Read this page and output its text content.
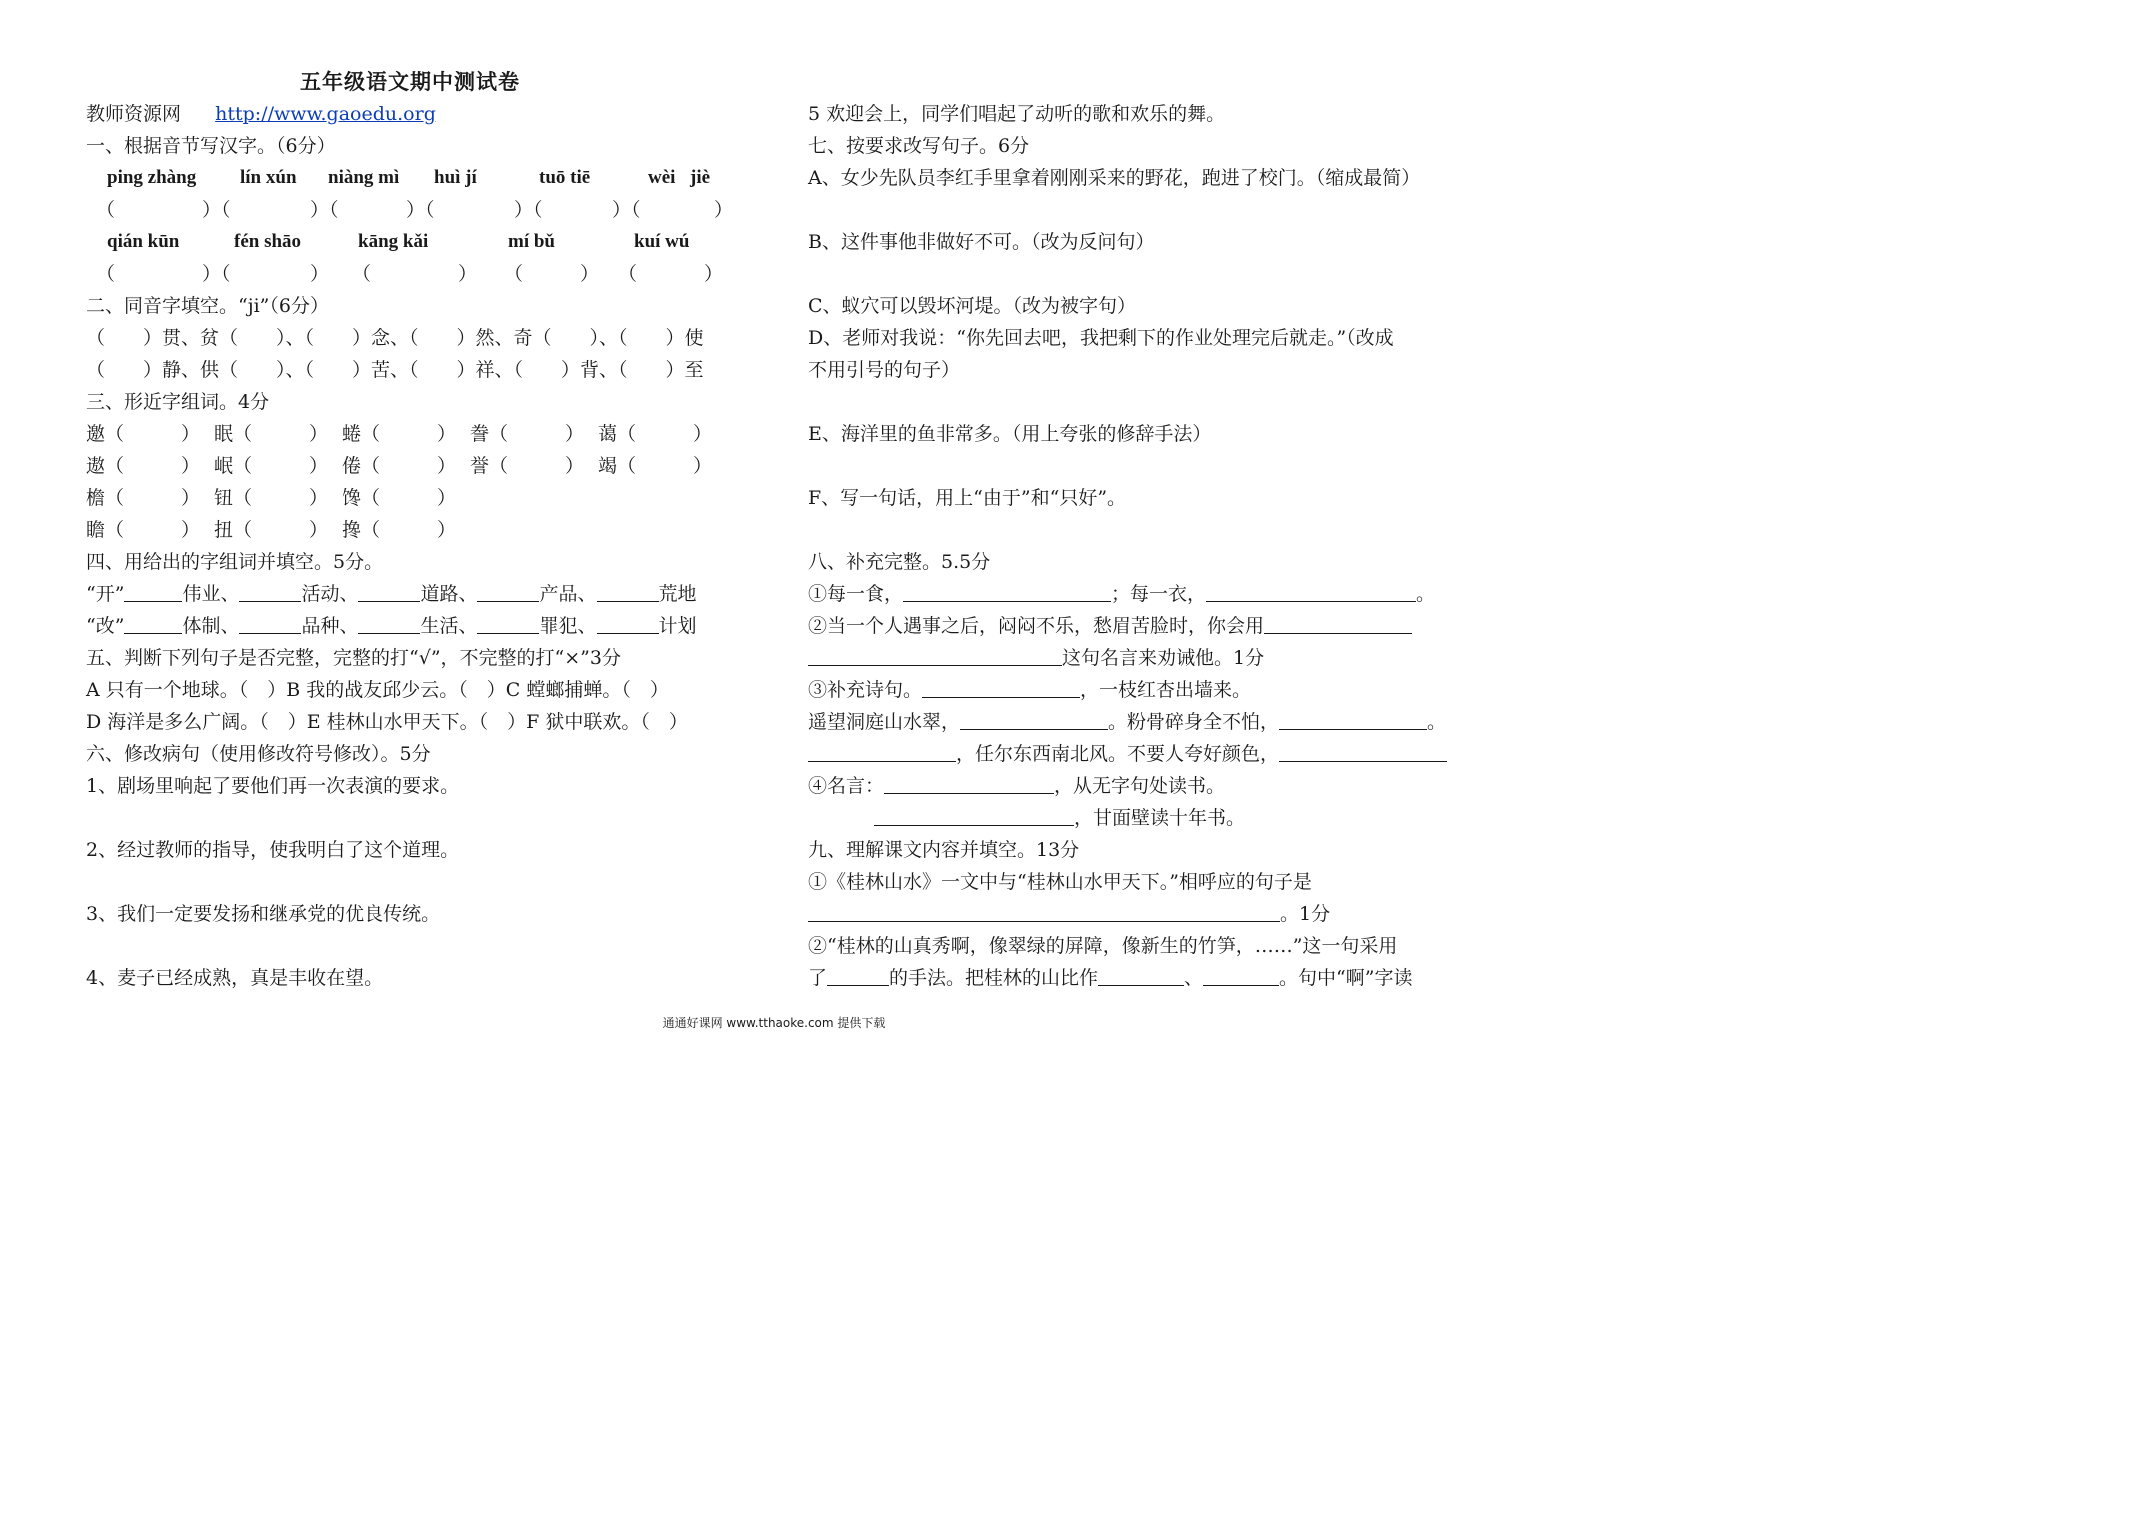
五年级语文期中测试卷
教师资源网 http://www.gaoedu.org
一、根据音节写汉字。（6分）
ping zhàng lín xún niàng mì huì jí	tuō tiē	wèi jiè
（	）（	）（	）（	）（	）（	）
qián kūn	fén shāo	kāng kǎi	mí bǔ	kuí wú
（	）（	） （	） （	） （	）
二、同音字填空。“ji”（6分）
（　　）贯、贫（　　）、（　　）念、（　　）然、奇（　　）、（　　）使
（　　）静、供（　　）、（　　）苦、（　　）祥、（　　）背、（　　）至
三、形近字组词。4分
邀（　　　） 眠（　　　） 蜷（　　　） 誊（　　　） 蔼（　　　）
遨（　　　） 岷（　　　） 倦（　　　） 誉（　　　） 竭（　　　）
檐（　　　） 钮（　　　） 馋（　　　）
瞻（　　　） 扭（　　　） 搀（　　　）
四、用给出的字组词并填空。5分。
“开”	伟业、	活动、	道路、	产品、	荒地
“改”	体制、	品种、	生活、	罪犯、	计划
五、判断下列句子是否完整，完整的打“√”，不完整的打“×”3分
A 只有一个地球。（　）B 我的战友邱少云。（　）C 螳螂捕蝉。（　）
D 海洋是多么广阔。（　）E 桂林山水甲天下。（　）F 狱中联欢。（　）
六、修改病句（使用修改符号修改）。5分
1、剧场里响起了要他们再一次表演的要求。
2、经过教师的指导，使我明白了这个道理。
3、我们一定要发扬和继承党的优良传统。
4、麦子已经成熟，真是丰收在望。
5 欢迎会上，同学们唱起了动听的歌和欢乐的舞。
七、按要求改写句子。6分
A、女少先队员李红手里拿着刚刚采来的野花，跑进了校门。（缩成最简）
B、这件事他非做好不可。（改为反问句）
C、蚁穴可以毁坏河堤。（改为被字句）
D、老师对我说：“你先回去吧，我把剩下的作业处理完后就走。”（改成
不用引号的句子）
E、海洋里的鱼非常多。（用上夸张的修辞手法）
F、写一句话，用上“由于”和“只好”。
八、补充完整。5.5分
①每一食，	；每一衣，	。
②当一个人遇事之后，闷闷不乐，愁眉苦脸时，你会用
这句名言来劝诫他。1分
③补充诗句。	，一枝红杏出墙来。
遥望洞庭山水翠，	。粉骨碎身全不怕，	。
，任尔东西南北风。不要人夸好颜色，
④名言：	，从无字句处读书。
，甘面壁读十年书。
九、理解课文内容并填空。13分
①《桂林山水》一文中与“桂林山水甲天下。”相呼应的句子是
。1分
②“桂林的山真秀啊，像翠绿的屏障，像新生的竹笋，……”这一句采用
了	的手法。把桂林的山比作	、	。句中“啊”字读
通通好课网 www.tthaoke.com 提供下载
